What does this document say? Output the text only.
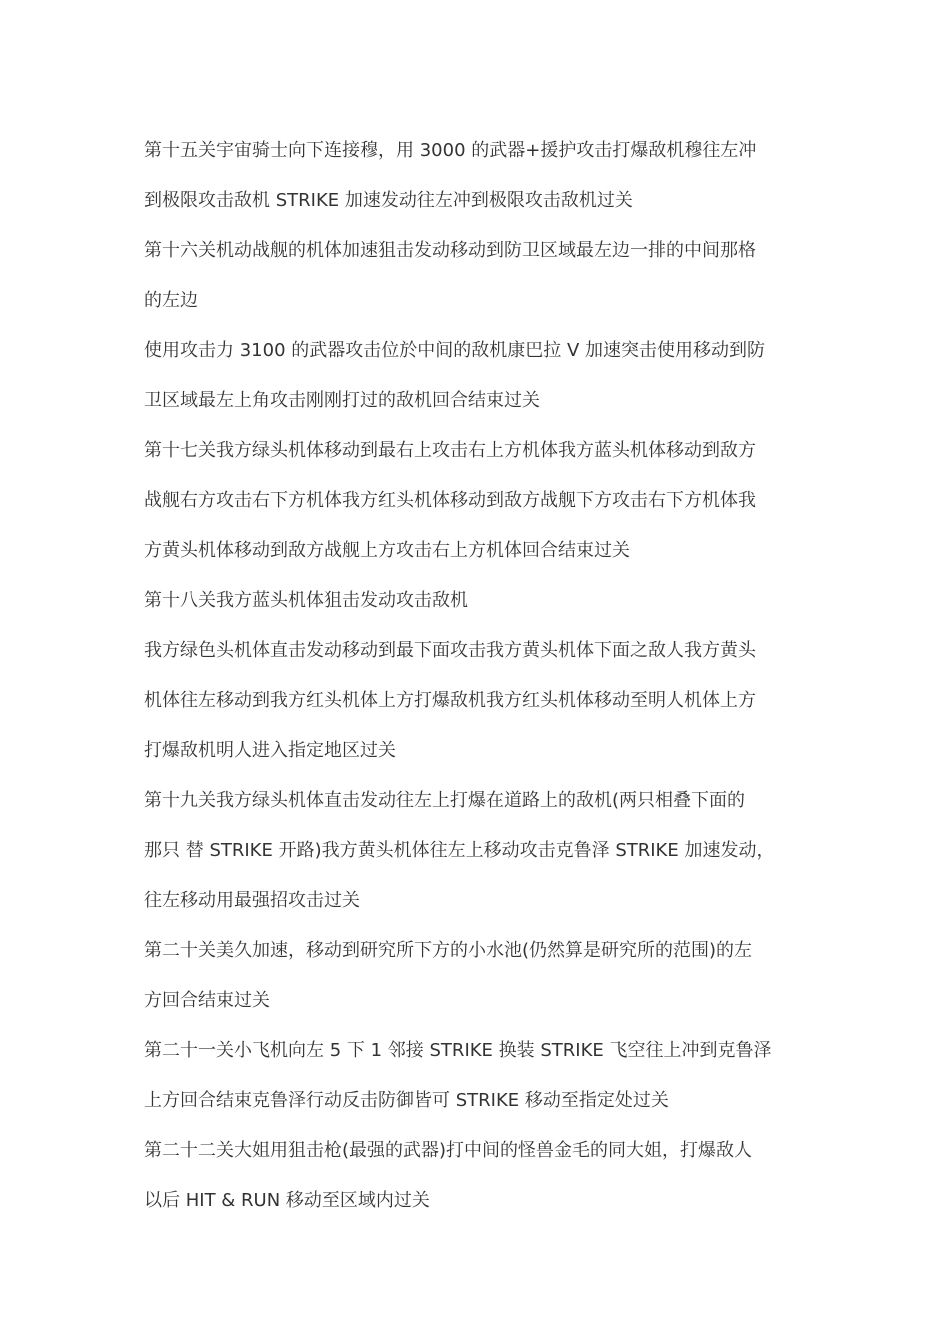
第十五关宇宙骑士向下连接穆，用 3000 的武器+援护攻击打爆敌机穆往左冲
到极限攻击敌机 STRIKE 加速发动往左冲到极限攻击敌机过关
第十六关机动战舰的机体加速狙击发动移动到防卫区域最左边一排的中间那格
的左边
使用攻击力 3100 的武器攻击位於中间的敌机康巴拉 V 加速突击使用移动到防
卫区域最左上角攻击刚刚打过的敌机回合结束过关
第十七关我方绿头机体移动到最右上攻击右上方机体我方蓝头机体移动到敌方
战舰右方攻击右下方机体我方红头机体移动到敌方战舰下方攻击右下方机体我
方黄头机体移动到敌方战舰上方攻击右上方机体回合结束过关
第十八关我方蓝头机体狙击发动攻击敌机
我方绿色头机体直击发动移动到最下面攻击我方黄头机体下面之敌人我方黄头
机体往左移动到我方红头机体上方打爆敌机我方红头机体移动至明人机体上方
打爆敌机明人进入指定地区过关
第十九关我方绿头机体直击发动往左上打爆在道路上的敌机(两只相叠下面的
那只 替 STRIKE 开路)我方黄头机体往左上移动攻击克鲁泽 STRIKE 加速发动，
往左移动用最强招攻击过关
第二十关美久加速，移动到研究所下方的小水池(仍然算是研究所的范围)的左
方回合结束过关
第二十一关小飞机向左 5 下 1 邻接 STRIKE 换装 STRIKE 飞空往上冲到克鲁泽
上方回合结束克鲁泽行动反击防御皆可 STRIKE 移动至指定处过关
第二十二关大姐用狙击枪(最强的武器)打中间的怪兽金毛的同大姐，打爆敌人
以后 HIT & RUN 移动至区域内过关
